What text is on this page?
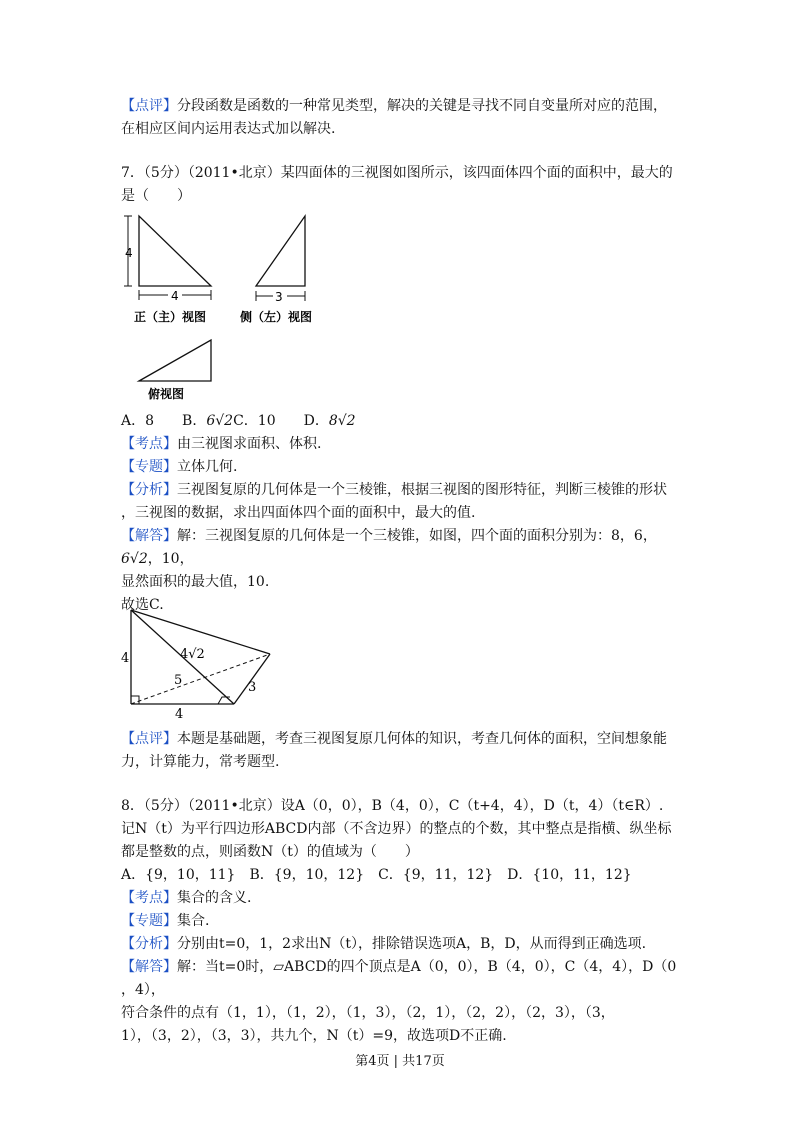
【点评】分段函数是函数的一种常见类型，解决的关键是寻找不同自变量所对应的范围，
在相应区间内运用表达式加以解决.
7．（5分）（2011•北京）某四面体的三视图如图所示，该四面体四个面的面积中，最大的
是（　　）
4
4
正（主）视图
3
侧（左）视图
俯视图
A．8　　 B．6√2C．10　　 D．8√2
【考点】由三视图求面积、体积.
【专题】立体几何.
【分析】三视图复原的几何体是一个三棱锥，根据三视图的图形特征，判断三棱锥的形状
，三视图的数据，求出四面体四个面的面积中，最大的值.
【解答】解：三视图复原的几何体是一个三棱锥，如图，四个面的面积分别为：8，6，
6√2，10，
显然面积的最大值，10.
故选C.
4	4√2
5	3
4
【点评】本题是基础题，考查三视图复原几何体的知识，考查几何体的面积，空间想象能
力，计算能力，常考题型.
8．（5分）（2011•北京）设A（0，0），B（4，0），C（t+4，4），D（t，4）（t∈R）.
记N（t）为平行四边形ABCD内部（不含边界）的整点的个数，其中整点是指横、纵坐标
都是整数的点，则函数N（t）的值域为（　　）
A．{9，10，11}　B．{9，10，12}　C．{9，11，12}　D．{10，11，12}
【考点】集合的含义.
【专题】集合.
【分析】分别由t=0，1，2求出N（t），排除错误选项A，B，D，从而得到正确选项.
【解答】解：当t=0时，▱ABCD的四个顶点是A（0，0），B（4，0），C（4，4），D（0
，4），
符合条件的点有（1，1），（1，2），（1，3），（2，1），（2，2），（2，3），（3，
1），（3，2），（3，3），共九个，N（t）=9，故选项D不正确.
第4页 | 共17页
